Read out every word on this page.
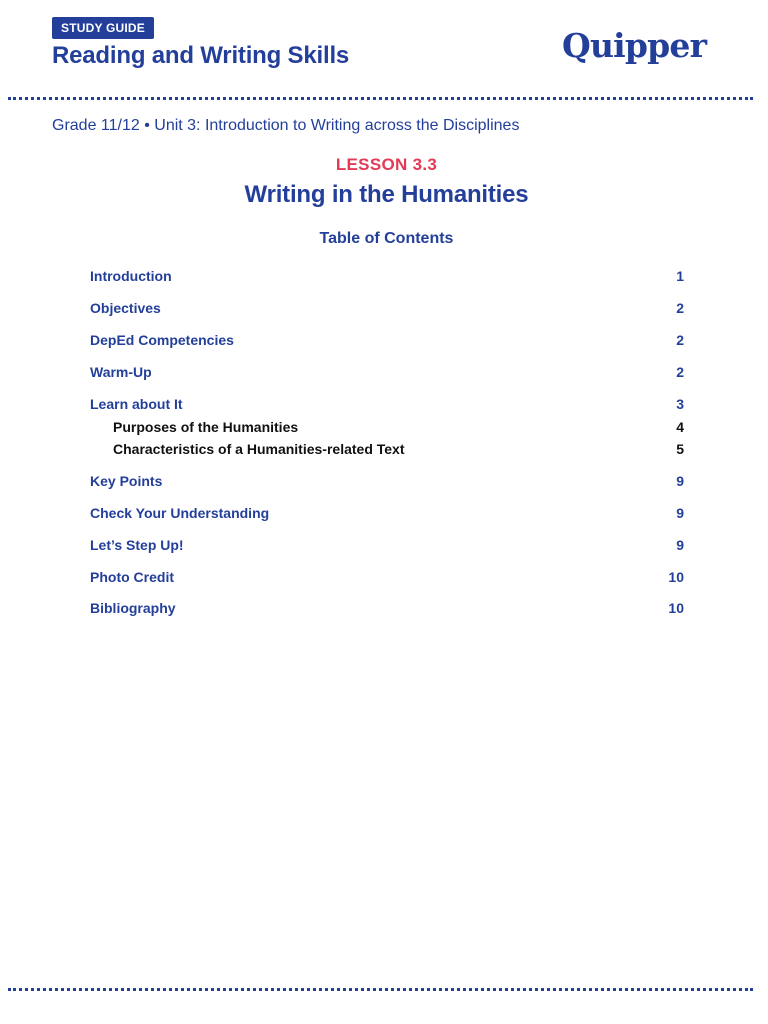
STUDY GUIDE
Reading and Writing Skills	Quipper
Grade 11/12 • Unit 3: Introduction to Writing across the Disciplines
LESSON 3.3
Writing in the Humanities
Table of Contents
Introduction	1
Objectives	2
DepEd Competencies	2
Warm-Up	2
Learn about It	3
Purposes of the Humanities	4
Characteristics of a Humanities-related Text	5
Key Points	9
Check Your Understanding	9
Let’s Step Up!	9
Photo Credit	10
Bibliography	10
